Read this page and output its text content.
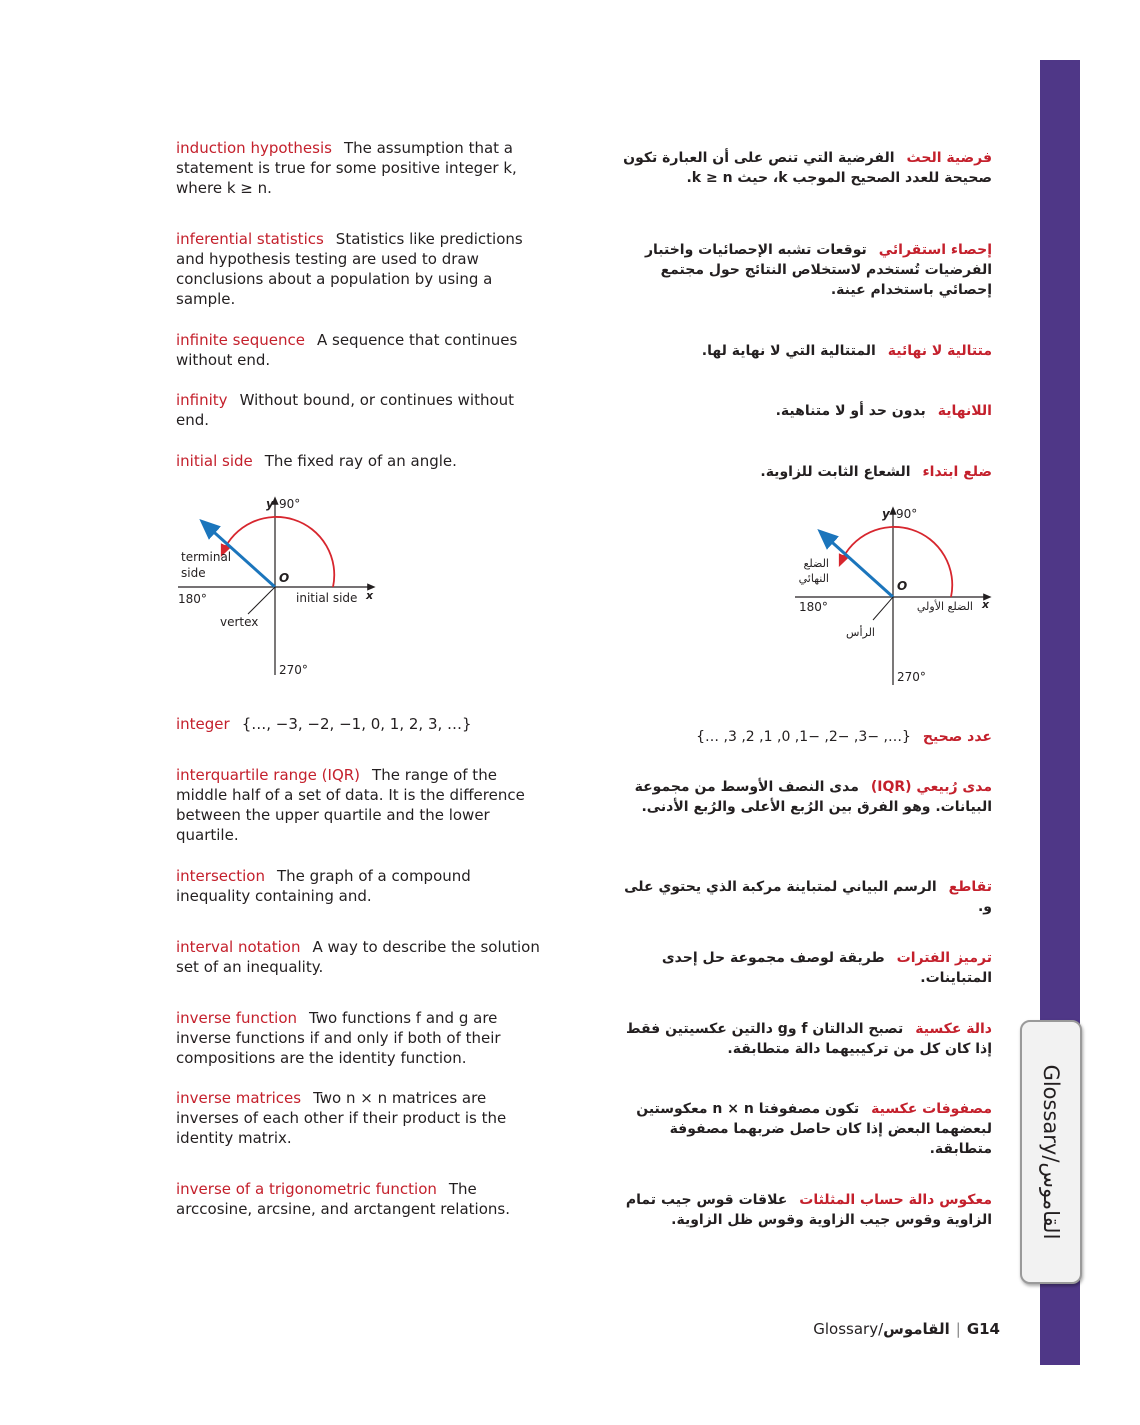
Glossary/القاموس
induction hypothesis The assumption that a statement is true for some positive integer k, where k ≥ n.
inferential statistics Statistics like predictions and hypothesis testing are used to draw conclusions about a population by using a sample.
infinite sequence A sequence that continues without end.
infinity Without bound, or continues without end.
initial side The fixed ray of an angle.
y 90°
x
180°
270°
O
terminal
side
initial side
vertex
integer {…, −3, −2, −1, 0, 1, 2, 3, …}
interquartile range (IQR) The range of the middle half of a set of data. It is the difference between the upper quartile and the lower quartile.
intersection The graph of a compound inequality containing and.
interval notation A way to describe the solution set of an inequality.
inverse function Two functions f and g are inverse functions if and only if both of their compositions are the identity function.
inverse matrices Two n × n matrices are inverses of each other if their product is the identity matrix.
inverse of a trigonometric function The arccosine, arcsine, and arctangent relations.
فرضية الحثالفرضية التي تنص على أن العبارة تكون صحيحة للعدد الصحيح الموجب k، حيث k ≥ n.
إحصاء استقرائيتوقعات تشبه الإحصائيات واختبار الفرضيات تُستخدم لاستخلاص النتائج حول مجتمع إحصائي باستخدام عينة.
متتالية لا نهائيةالمتتالية التي لا نهاية لها.
اللانهايةبدون حد أو لا متناهية.
ضلع ابتداءالشعاع الثابت للزاوية.
y 90°
x
180°
270°
O
الضلع
النهائي
الضلع الأولي
الرأس
عدد صحيح{…, −3, −2, −1, 0, 1, 2, 3, …}
مدى رُبيعي (IQR)مدى النصف الأوسط من مجموعة البيانات. وهو الفرق بين الرُبع الأعلى والرُبع الأدنى.
تقاطعالرسم البياني لمتباينة مركبة الذي يحتوي على و.
ترميز الفتراتطريقة لوصف مجموعة حل إحدى المتباينات.
دالة عكسيةتصبح الدالتان f وg دالتين عكسيتين فقط إذا كان كل من تركيبيهما دالة متطابقة.
مصفوفات عكسيةتكون مصفوفتا n × n معكوستين لبعضهما البعض إذا كان حاصل ضربهما مصفوفة متطابقة.
معكوس دالة حساب المثلثاتعلاقات قوس جيب تمام الزاوية وقوس جيب الزاوية وقوس ظل الزاوية.
Glossary/القاموس | G14
